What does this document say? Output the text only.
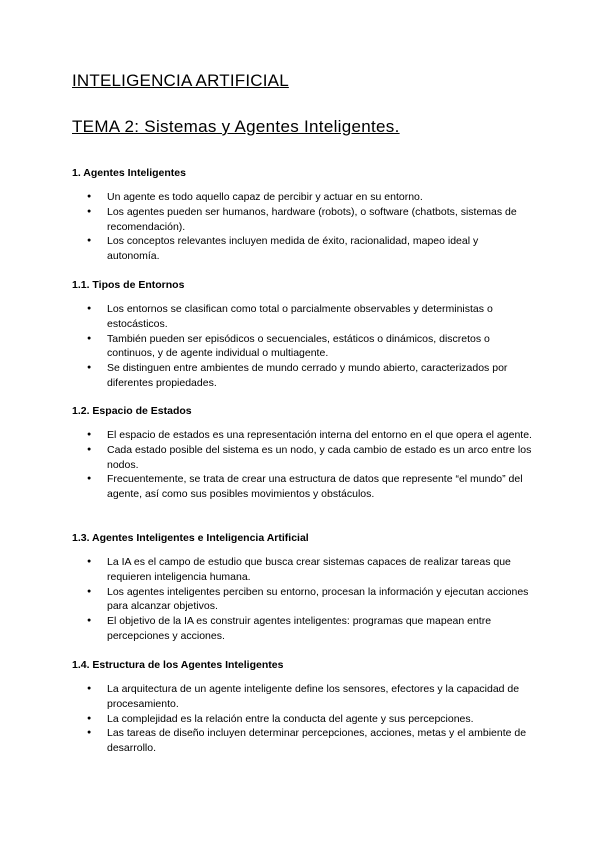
INTELIGENCIA ARTIFICIAL
TEMA 2: Sistemas y Agentes Inteligentes.
1. Agentes Inteligentes
● Un agente es todo aquello capaz de percibir y actuar en su entorno.
● Los agentes pueden ser humanos, hardware (robots), o software (chatbots, sistemas de recomendación).
● Los conceptos relevantes incluyen medida de éxito, racionalidad, mapeo ideal y autonomía.
1.1. Tipos de Entornos
● Los entornos se clasifican como total o parcialmente observables y deterministas o estocásticos.
● También pueden ser episódicos o secuenciales, estáticos o dinámicos, discretos o continuos, y de agente individual o multiagente.
● Se distinguen entre ambientes de mundo cerrado y mundo abierto, caracterizados por diferentes propiedades.
1.2. Espacio de Estados
● El espacio de estados es una representación interna del entorno en el que opera el agente.
● Cada estado posible del sistema es un nodo, y cada cambio de estado es un arco entre los nodos.
● Frecuentemente, se trata de crear una estructura de datos que represente “el mundo” del agente, así como sus posibles movimientos y obstáculos.
1.3. Agentes Inteligentes e Inteligencia Artificial
● La IA es el campo de estudio que busca crear sistemas capaces de realizar tareas que requieren inteligencia humana.
● Los agentes inteligentes perciben su entorno, procesan la información y ejecutan acciones para alcanzar objetivos.
● El objetivo de la IA es construir agentes inteligentes: programas que mapean entre percepciones y acciones.
1.4. Estructura de los Agentes Inteligentes
● La arquitectura de un agente inteligente define los sensores, efectores y la capacidad de procesamiento.
● La complejidad es la relación entre la conducta del agente y sus percepciones.
● Las tareas de diseño incluyen determinar percepciones, acciones, metas y el ambiente de desarrollo.
